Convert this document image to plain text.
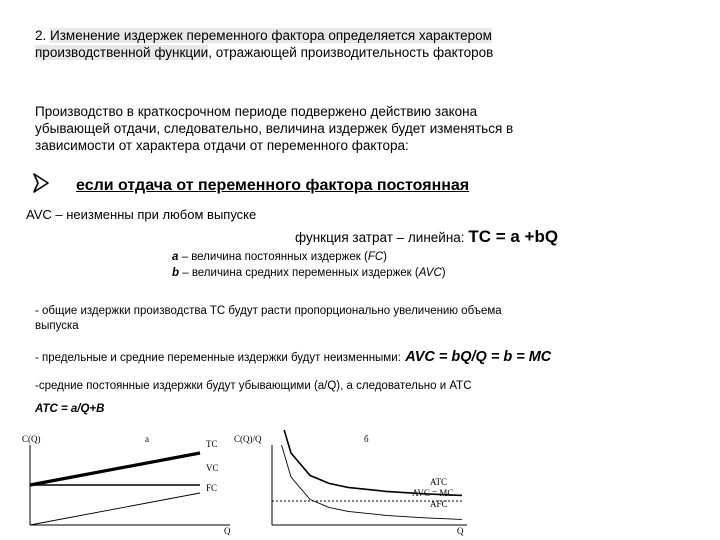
2. Изменение издержек переменного фактора определяется характером
производственной функции, отражающей производительность факторов
Производство в краткосрочном периоде подвержено действию закона
убывающей отдачи, следовательно, величина издержек будет изменяться в
зависимости от характера отдачи от переменного фактора:
если отдача от переменного фактора постоянная
AVC – неизменны при любом выпуске
функция затрат – линейна: TC = a +bQ
a – величина постоянных издержек (FC)
b – величина средних переменных издержек (AVC)
- общие издержки производства TC будут расти пропорционально увеличению объема
выпуска
- предельные и средние переменные издержки будут неизменными: AVC = bQ/Q = b = MC
-средние постоянные издержки будут убывающими (a/Q), а следовательно и ATC
ATC = a/Q+B
C(Q)	а
Q
TC
VC
FC
C(Q)/Q	б
Q
ATC
AVC = MC
AFC
